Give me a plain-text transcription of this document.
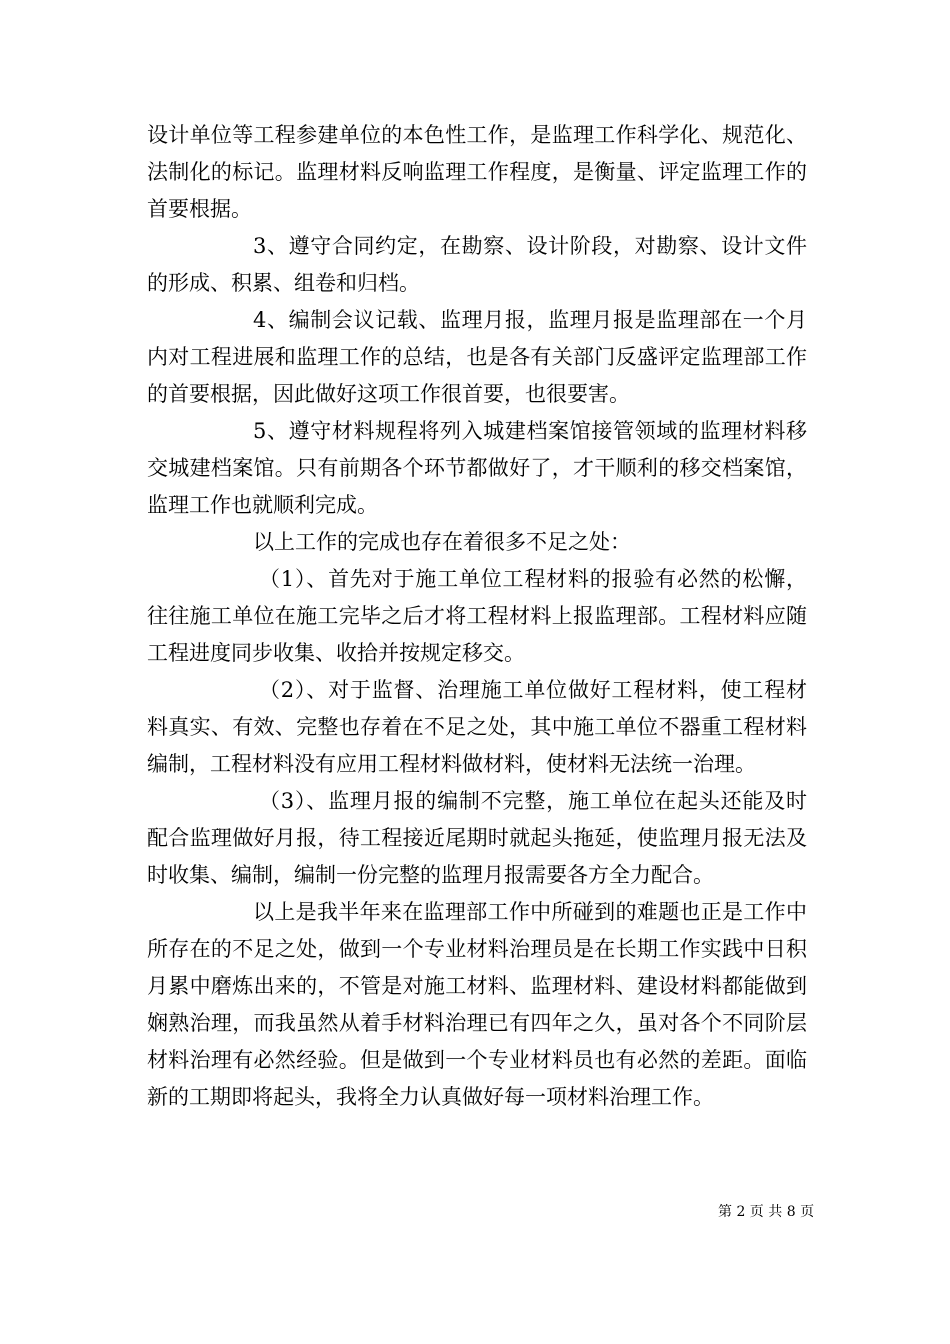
设计单位等工程参建单位的本色性工作，是监理工作科学化、规范化、法制化的标记。监理材料反响监理工作程度，是衡量、评定监理工作的首要根据。

3、遵守合同约定，在勘察、设计阶段，对勘察、设计文件的形成、积累、组卷和归档。

4、编制会议记载、监理月报，监理月报是监理部在一个月内对工程进展和监理工作的总结，也是各有关部门反盛评定监理部工作的首要根据，因此做好这项工作很首要，也很要害。

5、遵守材料规程将列入城建档案馆接管领域的监理材料移交城建档案馆。只有前期各个环节都做好了，才干顺利的移交档案馆，监理工作也就顺利完成。

以上工作的完成也存在着很多不足之处：

（1）、首先对于施工单位工程材料的报验有必然的松懈，往往施工单位在施工完毕之后才将工程材料上报监理部。工程材料应随工程进度同步收集、收拾并按规定移交。

（2）、对于监督、治理施工单位做好工程材料，使工程材料真实、有效、完整也存着在不足之处，其中施工单位不器重工程材料编制，工程材料没有应用工程材料做材料，使材料无法统一治理。

（3）、监理月报的编制不完整，施工单位在起头还能及时配合监理做好月报，待工程接近尾期时就起头拖延，使监理月报无法及时收集、编制，编制一份完整的监理月报需要各方全力配合。

以上是我半年来在监理部工作中所碰到的难题也正是工作中所存在的不足之处，做到一个专业材料治理员是在长期工作实践中日积月累中磨炼出来的，不管是对施工材料、监理材料、建设材料都能做到娴熟治理，而我虽然从着手材料治理已有四年之久，虽对各个不同阶层材料治理有必然经验。但是做到一个专业材料员也有必然的差距。面临新的工期即将起头，我将全力认真做好每一项材料治理工作。

第 2 页 共 8 页
